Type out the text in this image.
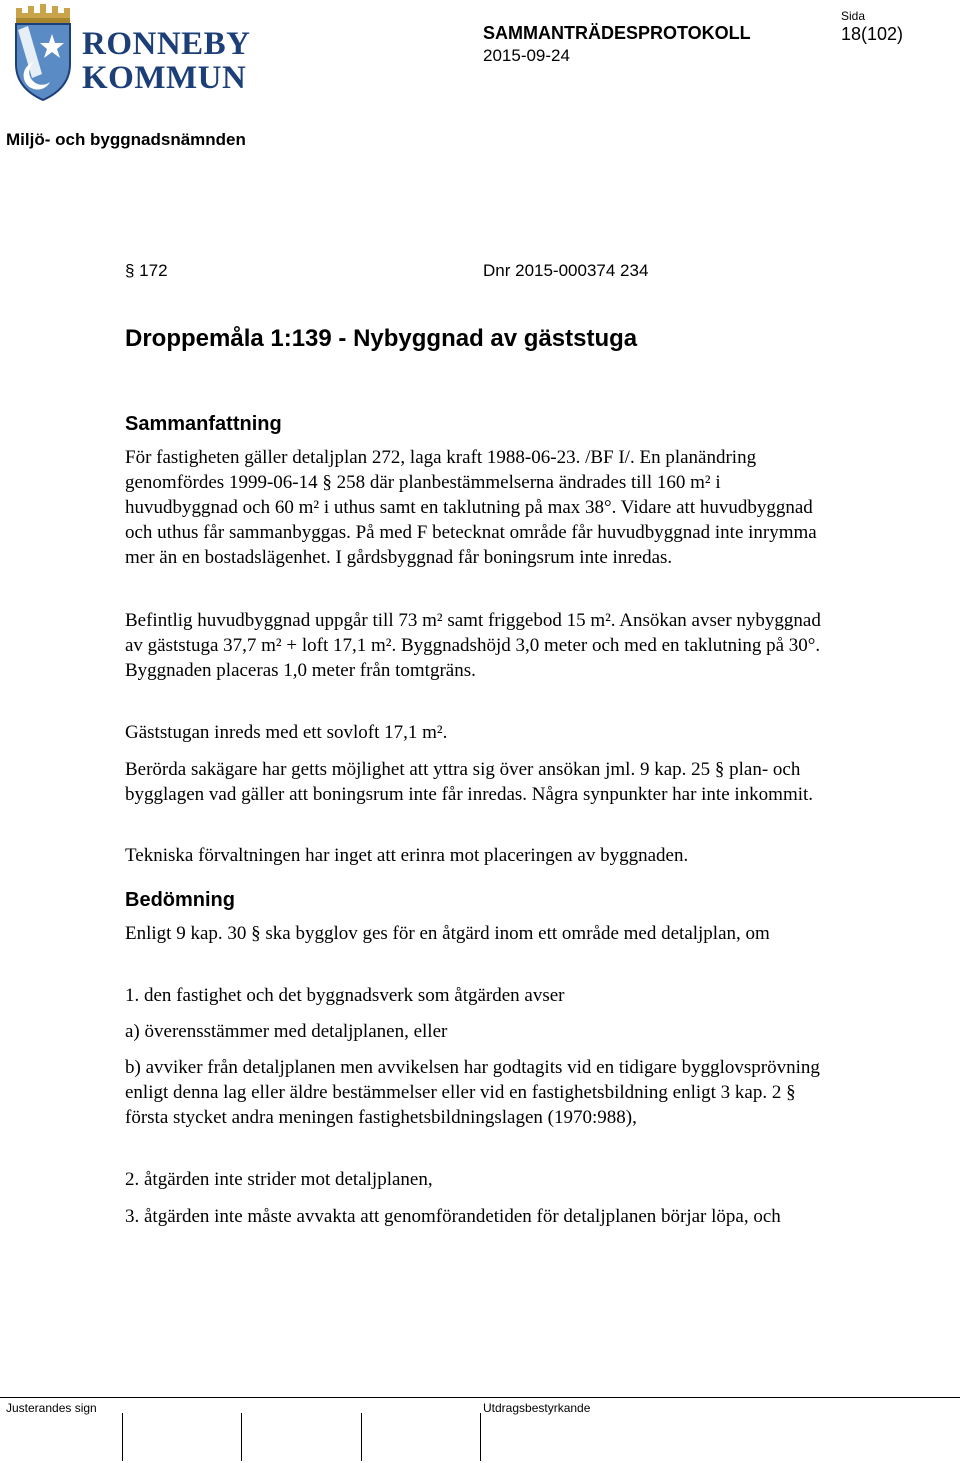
RONNEBY
KOMMUN
SAMMANTRÄDESPROTOKOLL
2015-09-24
Sida
18(102)
Miljö- och byggnadsnämnden
§ 172	Dnr 2015-000374 234
Droppemåla 1:139 - Nybyggnad av gäststuga
Sammanfattning

För fastigheten gäller detaljplan 272, laga kraft 1988-06-23. /BF I/. En planändring genomfördes 1999-06-14 § 258 där planbestämmelserna ändrades till 160 m² i huvudbyggnad och 60 m² i uthus samt en taklutning på max 38°. Vidare att huvudbyggnad och uthus får sammanbyggas. På med F betecknat område får huvudbyggnad inte inrymma mer än en bostadslägenhet. I gårdsbyggnad får boningsrum inte inredas.

Befintlig huvudbyggnad uppgår till 73 m² samt friggebod 15 m². Ansökan avser nybyggnad av gäststuga 37,7 m² + loft 17,1 m². Byggnadshöjd 3,0 meter och med en taklutning på 30°. Byggnaden placeras 1,0 meter från tomtgräns.

Gäststugan inreds med ett sovloft 17,1 m².

Berörda sakägare har getts möjlighet att yttra sig över ansökan jml. 9 kap. 25 § plan- och bygglagen vad gäller att boningsrum inte får inredas. Några synpunkter har inte inkommit.

Tekniska förvaltningen har inget att erinra mot placeringen av byggnaden.

Bedömning

Enligt 9 kap. 30 § ska bygglov ges för en åtgärd inom ett område med detaljplan, om

1. den fastighet och det byggnadsverk som åtgärden avser

a) överensstämmer med detaljplanen, eller

b) avviker från detaljplanen men avvikelsen har godtagits vid en tidigare bygglovsprövning enligt denna lag eller äldre bestämmelser eller vid en fastighetsbildning enligt 3 kap. 2 § första stycket andra meningen fastighetsbildningslagen (1970:988),

2. åtgärden inte strider mot detaljplanen,

3. åtgärden inte måste avvakta att genomförandetiden för detaljplanen börjar löpa, och

Justerandes sign	Utdragsbestyrkande
